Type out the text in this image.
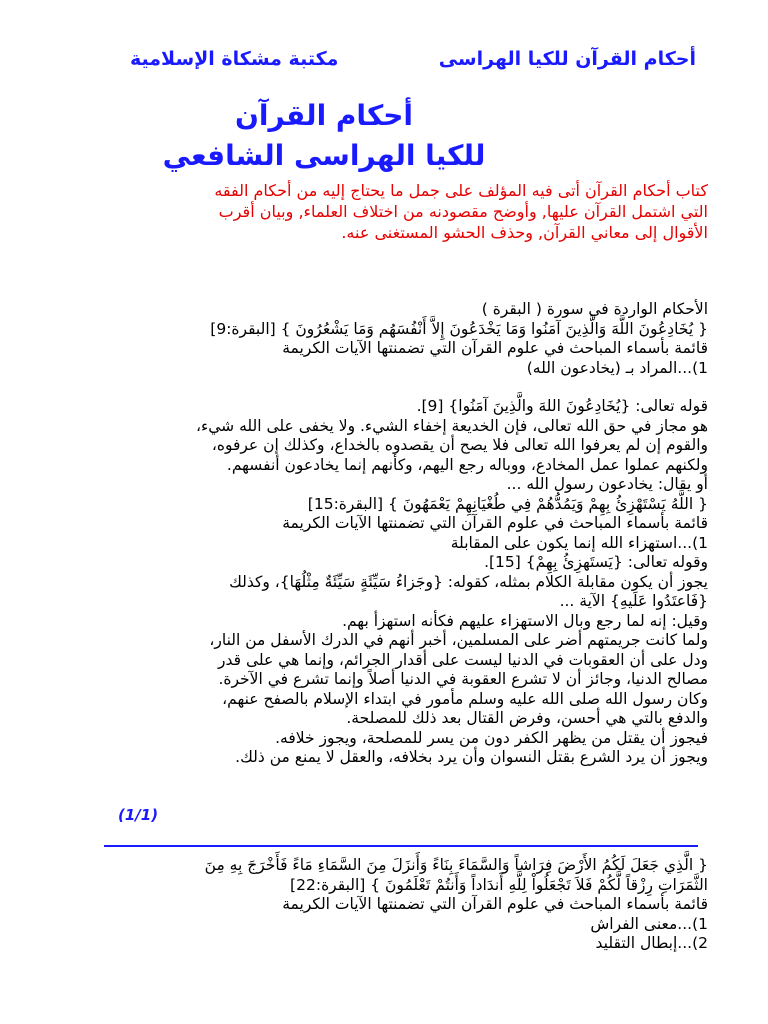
أحكام القرآن للكيا الهراسى
مكتبة مشكاة الإسلامية
أحكام القرآن
للكيا الهراسى الشافعي

كتاب أحكام القرآن أتى فيه المؤلف على جمل ما يحتاج إليه من أحكام الفقه

التي اشتمل القرآن عليها, وأوضح مقصودنه من اختلاف العلماء, وبيان أقرب

الأقوال إلى معاني القرآن, وحذف الحشو المستغنى عنه.

الأحكام الواردة في سورة ( البقرة )

{ يُخَادِعُونَ اللَّهَ وَالَّذِينَ آمَنُوا وَمَا يَخْدَعُونَ إِلاَّ أَنْفُسَهُم وَمَا يَشْعُرُونَ } [البقرة:9]

قائمة بأسماء المباحث في علوم القرآن التي تضمنتها الآيات الكريمة

1)...المراد بـ (يخادعون الله)

قوله تعالى: {يُخَادِعُونَ اللهَ والَّذِينَ آمَنُوا} [9].

هو مجاز في حق الله تعالى، فإن الخديعة إخفاء الشيء. ولا يخفى على الله شيء،

والقوم إن لم يعرفوا الله تعالى فلا يصح أن يقصدوه بالخداع، وكذلك إن عرفوه،

ولكنهم عملوا عمل المخادع، ووباله رجع اليهم، وكأنهم إنما يخادعون أنفسهم.

أو يقال: يخادعون رسول الله ...

{ اللَّهُ يَسْتَهْزِئُ بِهِمْ وَيَمُدُّهُمْ فِي طُغْيَانِهِمْ يَعْمَهُونَ } [البقرة:15]

قائمة بأسماء المباحث في علوم القرآن التي تضمنتها الآيات الكريمة

1)...استهزاء الله إنما يكون على المقابلة

وقوله تعالى: {يَستَهزِئُ بِهِمْ} [15].

يجوز أن يكون مقابلة الكلام بمثله، كقوله: {وجَزاءُ سَيِّئَةٍ سَيِّئَةٌ مِثْلُهَا}، وكذلك

{فَاعتَدُوا عَلَيهِ} الآية ...

وقيل: إنه لما رجع وبال الاستهزاء عليهم فكأنه استهزأ بهم.

ولما كانت جريمتهم أضر على المسلمين، أخبر أنهم في الدرك الأسفل من النار،

ودل على أن العقوبات في الدنيا ليست على أقدار الجرائم، وإنما هي على قدر

مصالح الدنيا، وجائز أن لا تشرع العقوبة في الدنيا أصلاً وإنما تشرع في الآخرة.

وكان رسول الله صلى الله عليه وسلم مأمور في ابتداء الإسلام بالصفح عنهم،

والدفع بالتي هي أحسن، وفرض القتال بعد ذلك للمصلحة.

فيجوز أن يقتل من يظهر الكفر دون من يسر للمصلحة، ويجوز خلافه.

ويجوز أن يرد الشرع بقتل النسوان وأن يرد بخلافه، والعقل لا يمنع من ذلك.

(1/1)

{ الَّذِي جَعَلَ لَكُمُ الأَرْضَ فِرَاشاً وَالسَّمَاءَ بِنَاءً وَأَنزَلَ مِنَ السَّمَاءِ مَاءً فَأَخْرَجَ بِهِ مِنَ

الثَّمَرَاتِ رِزْقاً لَّكُمْ فَلاَ تَجْعَلُواْ لِلَّهِ أَندَاداً وَأَنتُمْ تَعْلَمُونَ } [البقرة:22]

قائمة بأسماء المباحث في علوم القرآن التي تضمنتها الآيات الكريمة

1)...معنى الفراش

2)...إبطال التقليد
